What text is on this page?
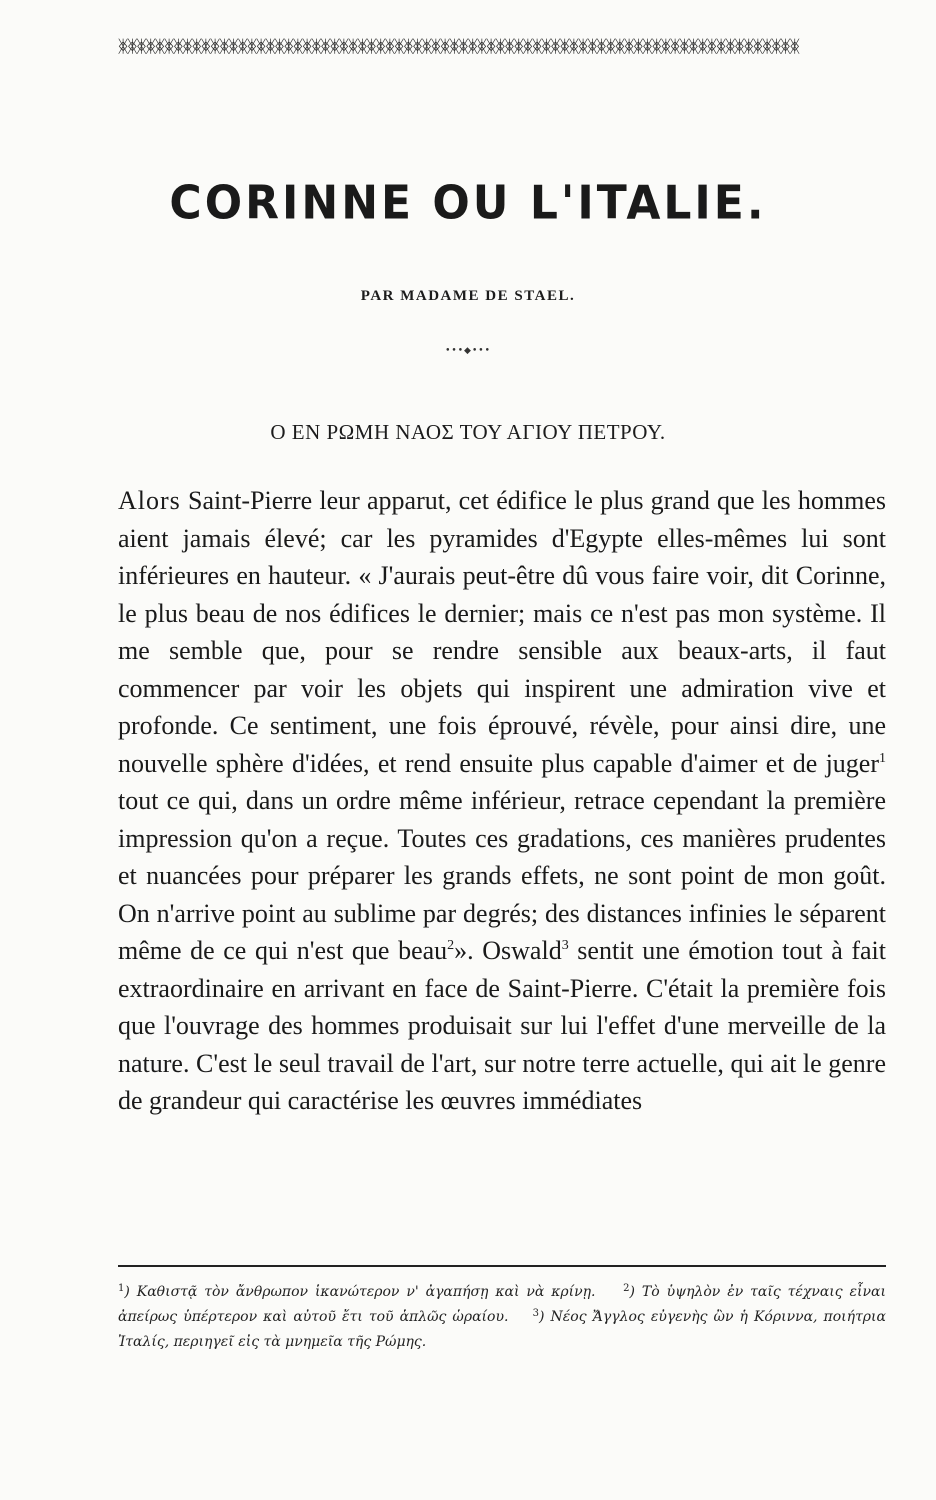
ᛤᛤᛤᛤᛤᛤᛤᛤᛤᛤᛤᛤᛤᛤᛤᛤᛤᛤᛤᛤᛤᛤᛤᛤᛤᛤᛤᛤᛤᛤᛤᛤᛤᛤᛤᛤᛤᛤᛤᛤᛤᛤᛤᛤᛤᛤᛤᛤᛤᛤᛤᛤᛤᛤᛤᛤᛤᛤᛤᛤᛤᛤᛤᛤᛤᛤᛤᛤᛤᛤᛤᛤᛤᛤ
CORINNE OU L'ITALIE.
PAR MADAME DE STAEL.
•••◆•••
Ο ΕΝ ΡΩΜΗ ΝΑΟΣ ΤΟΥ ΑΓΙΟΥ ΠΕΤΡΟΥ.
Alors Saint-Pierre leur apparut, cet édifice le plus grand que les hommes aient jamais élevé; car les pyramides d'Egypte elles-mêmes lui sont inférieures en hauteur. « J'aurais peut-être dû vous faire voir, dit Corinne, le plus beau de nos édifices le dernier; mais ce n'est pas mon système. Il me semble que, pour se rendre sensible aux beaux-arts, il faut commencer par voir les objets qui inspirent une admiration vive et profonde. Ce sentiment, une fois éprouvé, révèle, pour ainsi dire, une nouvelle sphère d'idées, et rend ensuite plus capable d'aimer et de juger$^1$ tout ce qui, dans un ordre même inférieur, retrace cependant la première impression qu'on a reçue. Toutes ces gradations, ces manières prudentes et nuancées pour préparer les grands effets, ne sont point de mon goût. On n'arrive point au sublime par degrés; des distances infinies le séparent même de ce qui n'est que beau$^2$». Oswald$^3$ sentit une émotion tout à fait extraordinaire en arrivant en face de Saint-Pierre. C'était la première fois que l'ouvrage des hommes produisait sur lui l'effet d'une merveille de la nature. C'est le seul travail de l'art, sur notre terre actuelle, qui ait le genre de grandeur qui caractérise les œuvres immédiates
$^1$) Καθιστᾷ τὸν ἄνθρωπον ἱκανώτερον ν' ἀγαπήσῃ καὶ νὰ κρίνῃ.	$^2$) Τὸ ὑψηλὸν ἐν ταῖς τέχναις εἶναι ἀπείρως ὑπέρτερον καὶ αὐτοῦ ἔτι τοῦ ἁπλῶς ὡραίου. $^3$) Νέος Ἄγγλος εὐγενὴς ὢν ἡ Κόριννα, ποιήτρια Ἰταλίς, περιηγεῖ εἰς τὰ μνημεῖα τῆς Ρώμης.
